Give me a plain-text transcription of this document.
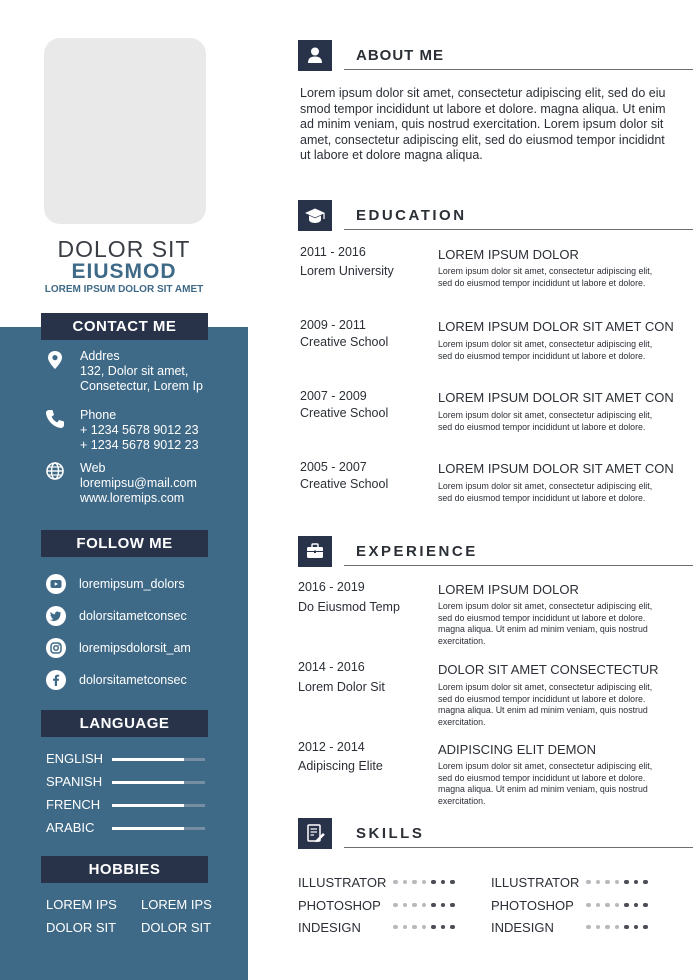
DOLOR SIT
EIUSMOD
LOREM IPSUM DOLOR SIT AMET
CONTACT ME
Addres
132, Dolor sit amet,
Consetectur, Lorem Ip
Phone
+ 1234 5678 9012 23
+ 1234 5678 9012 23
Web
loremipsu@mail.com
www.loremips.com
FOLLOW ME
loremipsum_dolors
dolorsitametconsec
loremipsdolorsit_am
dolorsitametconsec
LANGUAGE
ENGLISH
SPANISH
FRENCH
ARABIC
HOBBIES
LOREM IPS LOREM IPS
DOLOR SIT DOLOR SIT
ABOUT ME
Lorem ipsum dolor sit amet, consectetur adipiscing elit, sed do eiu smod tempor incididunt ut labore et dolore. magna aliqua. Ut enim ad minim veniam, quis nostrud exercitation. Lorem ipsum dolor sit amet, consectetur adipiscing elit, sed do eiusmod tempor incididnt ut labore et dolore magna aliqua.
EDUCATION
2011 - 2016
Lorem University
LOREM IPSUM DOLOR
Lorem ipsum dolor sit amet, consectetur adipiscing elit, sed do eiusmod tempor incididunt ut labore et dolore.
2009 - 2011
Creative School
LOREM IPSUM DOLOR SIT AMET CON
Lorem ipsum dolor sit amet, consectetur adipiscing elit, sed do eiusmod tempor incididunt ut labore et dolore.
2007 - 2009
Creative School
LOREM IPSUM DOLOR SIT AMET CON
Lorem ipsum dolor sit amet, consectetur adipiscing elit, sed do eiusmod tempor incididunt ut labore et dolore.
2005 - 2007
Creative School
LOREM IPSUM DOLOR SIT AMET CON
Lorem ipsum dolor sit amet, consectetur adipiscing elit, sed do eiusmod tempor incididunt ut labore et dolore.
EXPERIENCE
2016 - 2019
Do Eiusmod Temp
LOREM IPSUM DOLOR
Lorem ipsum dolor sit amet, consectetur adipiscing elit, sed do eiusmod tempor incididunt ut labore et dolore. magna aliqua. Ut enim ad minim veniam, quis nostrud exercitation.
2014 - 2016
Lorem Dolor Sit
DOLOR SIT AMET CONSECTECTUR
Lorem ipsum dolor sit amet, consectetur adipiscing elit, sed do eiusmod tempor incididunt ut labore et dolore. magna aliqua. Ut enim ad minim veniam, quis nostrud exercitation.
2012 - 2014
Adipiscing Elite
ADIPISCING ELIT DEMON
Lorem ipsum dolor sit amet, consectetur adipiscing elit, sed do eiusmod tempor incididunt ut labore et dolore. magna aliqua. Ut enim ad minim veniam, quis nostrud exercitation.
SKILLS
ILLUSTRATOR
PHOTOSHOP
INDESIGN
ILLUSTRATOR
PHOTOSHOP
INDESIGN
